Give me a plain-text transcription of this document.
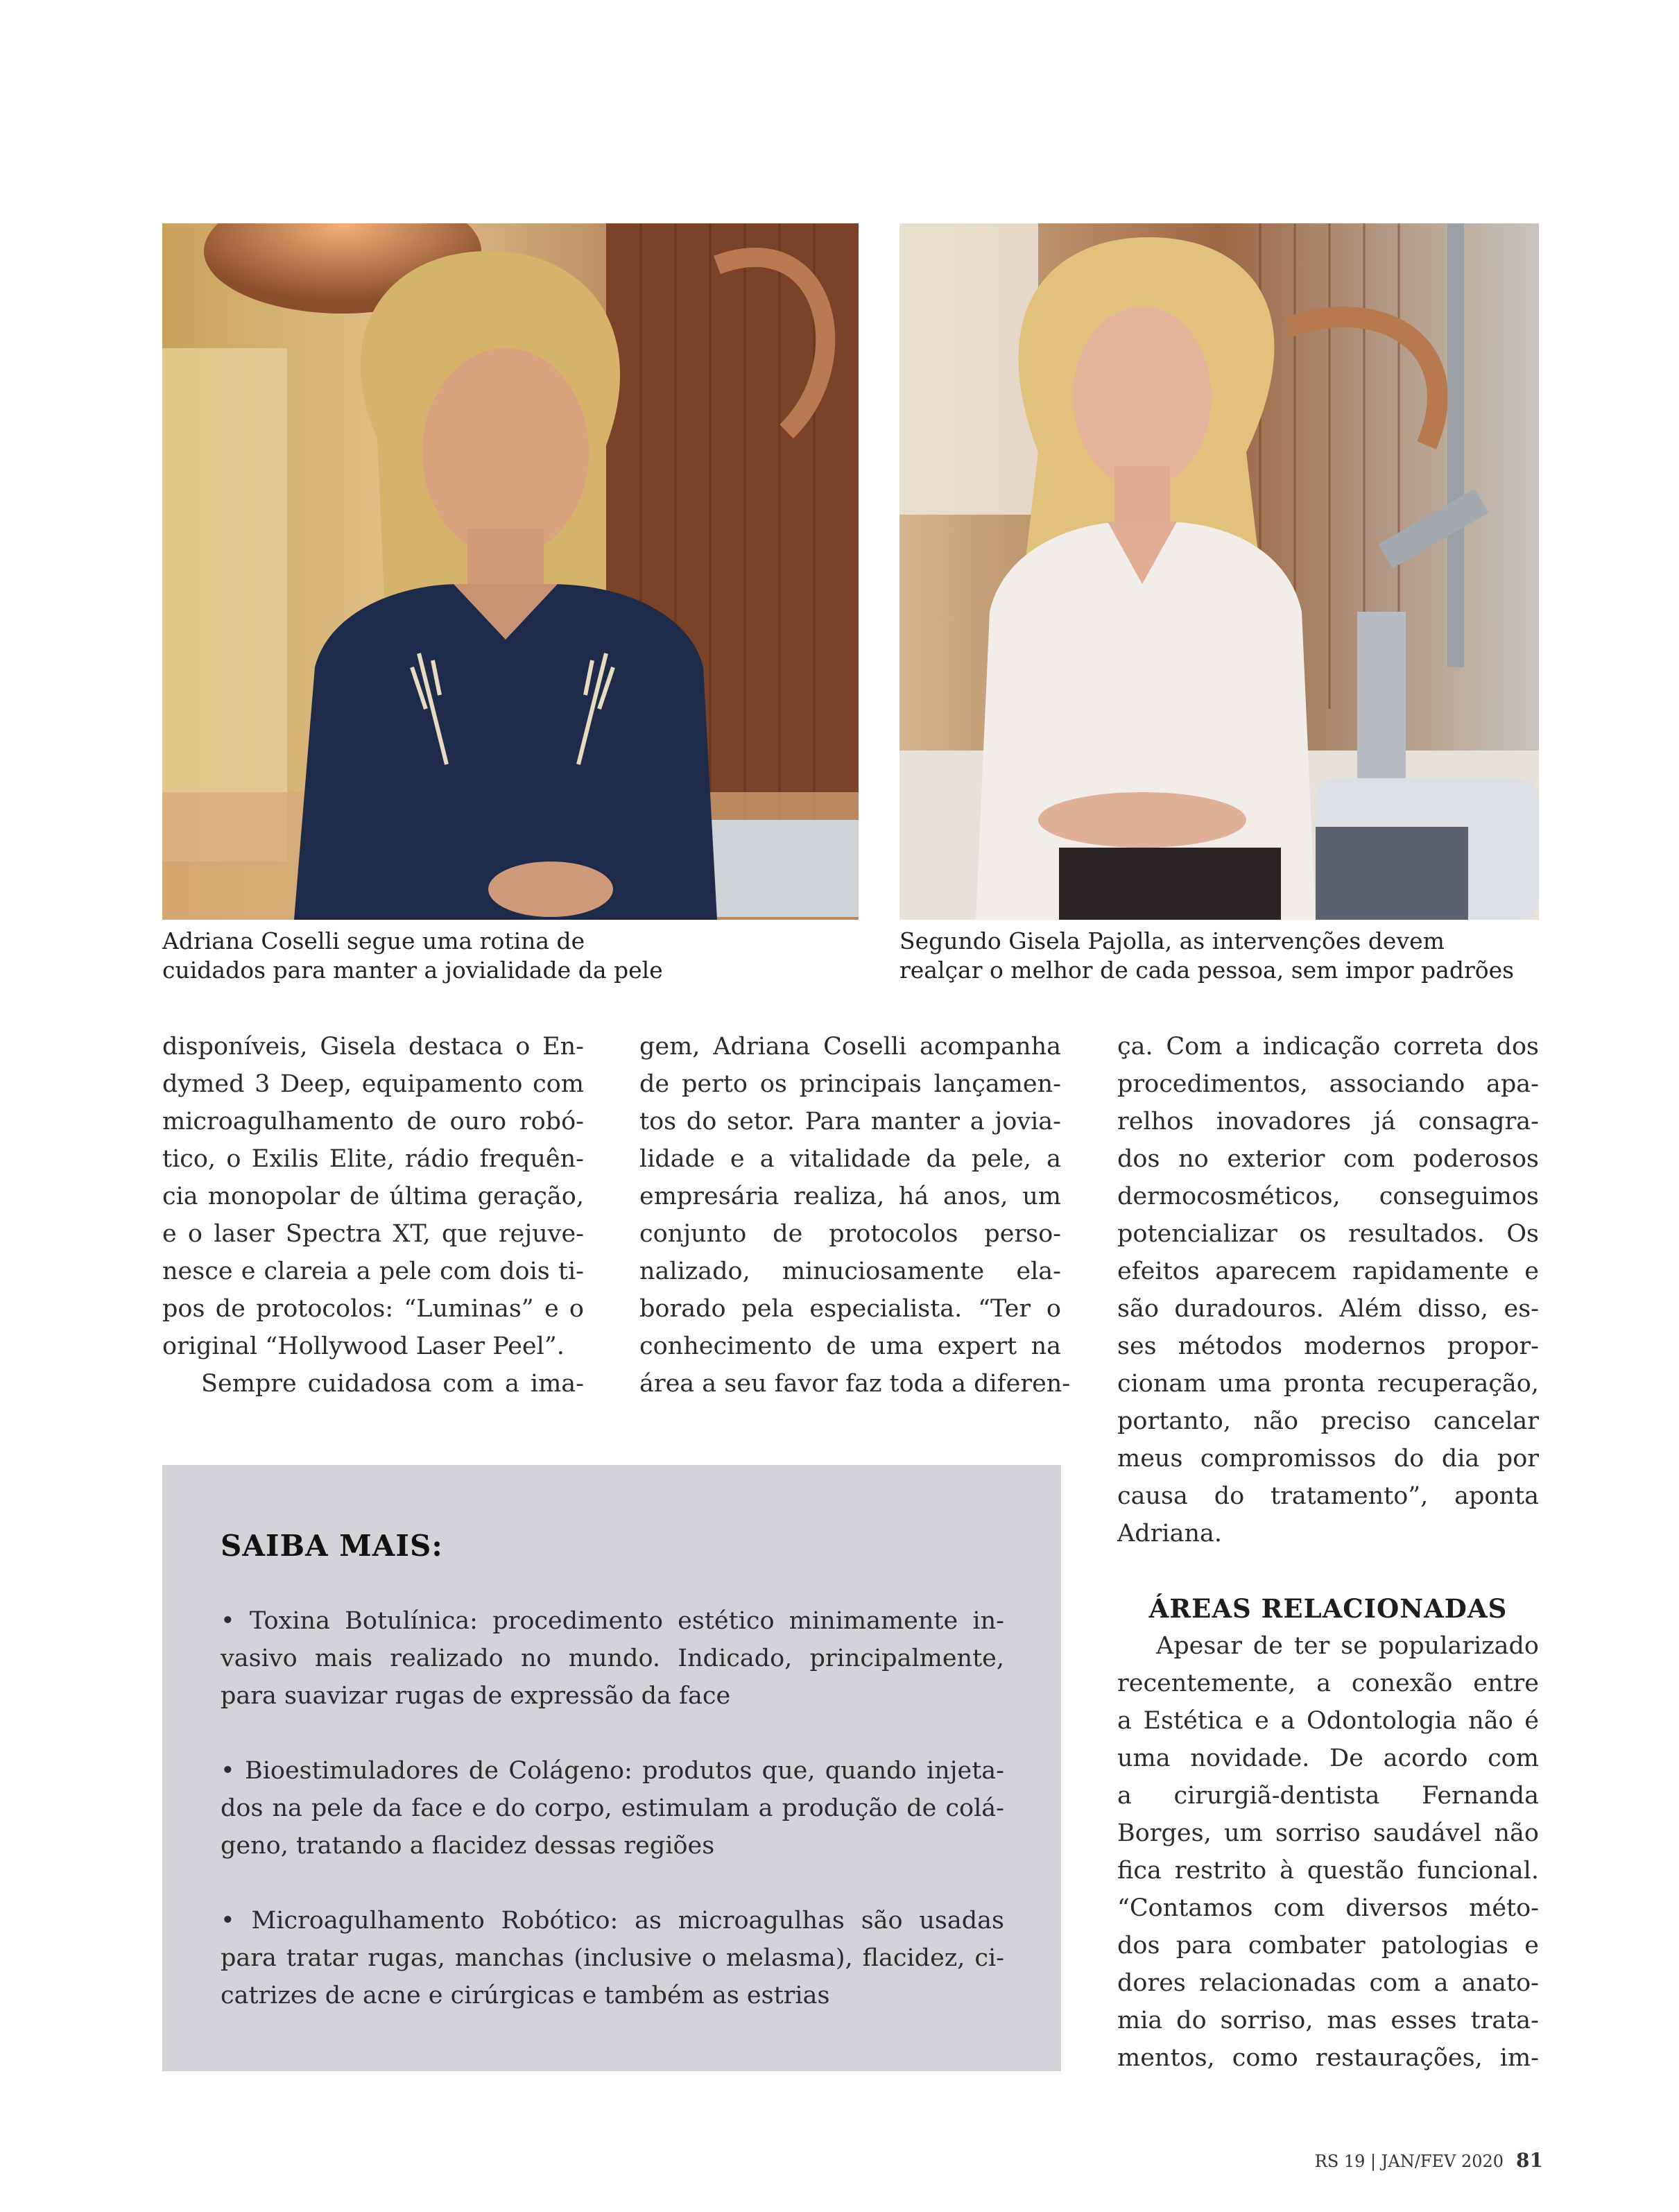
Adriana Coselli segue uma rotina de
cuidados para manter a jovialidade da pele
Segundo Gisela Pajolla, as intervenções devem
realçar o melhor de cada pessoa, sem impor padrões
disponíveis, Gisela destaca o En-
dymed 3 Deep, equipamento com
microagulhamento de ouro robó-
tico, o Exilis Elite, rádio frequên-
cia monopolar de última geração,
e o laser Spectra XT, que rejuve-
nesce e clareia a pele com dois ti-
pos de protocolos: “Luminas” e o
original “Hollywood Laser Peel”.
Sempre cuidadosa com a ima-
gem, Adriana Coselli acompanha
de perto os principais lançamen-
tos do setor. Para manter a jovia-
lidade e a vitalidade da pele, a
empresária realiza, há anos, um
conjunto de protocolos perso-
nalizado, minuciosamente ela-
borado pela especialista. “Ter o
conhecimento de uma expert na
área a seu favor faz toda a diferen-
ça. Com a indicação correta dos
procedimentos, associando apa-
relhos inovadores já consagra-
dos no exterior com poderosos
dermocosméticos, conseguimos
potencializar os resultados. Os
efeitos aparecem rapidamente e
são duradouros. Além disso, es-
ses métodos modernos propor-
cionam uma pronta recuperação,
portanto, não preciso cancelar
meus compromissos do dia por
causa do tratamento”, aponta
Adriana.
ÁREAS RELACIONADAS
Apesar de ter se popularizado
recentemente, a conexão entre
a Estética e a Odontologia não é
uma novidade. De acordo com
a cirurgiã-dentista Fernanda
Borges, um sorriso saudável não
fica restrito à questão funcional.
“Contamos com diversos méto-
dos para combater patologias e
dores relacionadas com a anato-
mia do sorriso, mas esses trata-
mentos, como restaurações, im-
SAIBA MAIS:
• Toxina Botulínica: procedimento estético minimamente in-
vasivo mais realizado no mundo. Indicado, principalmente,
para suavizar rugas de expressão da face
• Bioestimuladores de Colágeno: produtos que, quando injeta-
dos na pele da face e do corpo, estimulam a produção de colá-
geno, tratando a flacidez dessas regiões
• Microagulhamento Robótico: as microagulhas são usadas
para tratar rugas, manchas (inclusive o melasma), flacidez, ci-
catrizes de acne e cirúrgicas e também as estrias
RS 19 | JAN/FEV 2020 81
